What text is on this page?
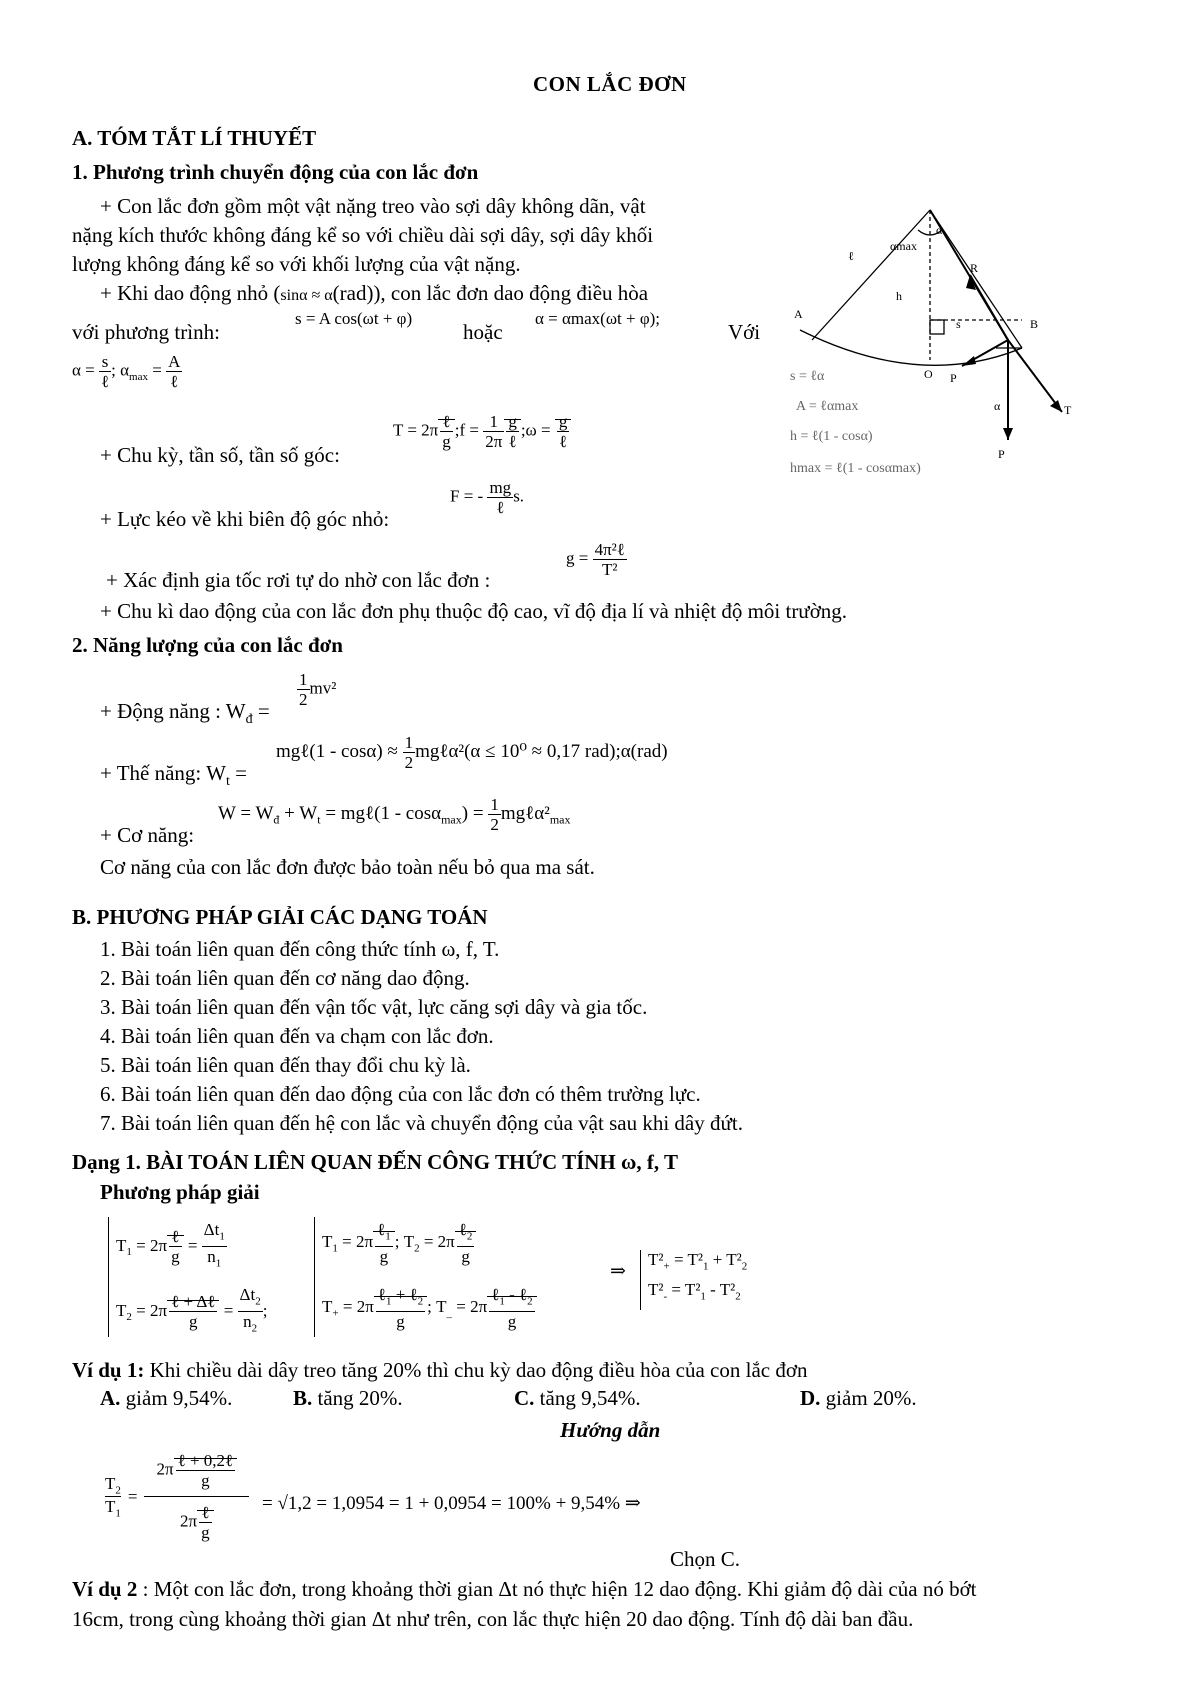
CON LẮC ĐƠN
A. TÓM TẮT LÍ THUYẾT
1. Phương trình chuyển động của con lắc đơn
+ Con lắc đơn gồm một vật nặng treo vào sợi dây không dãn, vật
nặng kích thước không đáng kể so với chiều dài sợi dây, sợi dây khối
lượng không đáng kể so với khối lượng của vật nặng.
+ Khi dao động nhỏ (sinα ≈ α(rad)), con lắc đơn dao động điều hòa
với phương trình:
s = A cos(ωt + φ)
hoặc
α = αmax(ωt + φ);
Với
$\alpha = \frac{s}{\text{ℓ}}$ ; $\alpha_{max} = \frac{A}{\text{ℓ}}$
+ Chu kỳ, tần số, tần số góc:
$T = 2\pi \frac{\text{ℓ}}{g}$ ;f = $\frac{1}{2\pi} \frac{g}{\text{ℓ}}$ ;ω = $\frac{g}{\text{ℓ}}$
+ Lực kéo về khi biên độ góc nhỏ:
F = - $\frac{mg}{\text{ℓ}} s$.
+ Xác định gia tốc rơi tự do nhờ con lắc đơn :
$g = \frac{\text{4π²ℓ}}{\text{T²}}$
+ Chu kì dao động của con lắc đơn phụ thuộc độ cao, vĩ độ địa lí và nhiệt độ môi trường.
2. Năng lượng của con lắc đơn
+ Động năng : $W_đ$ =
$\frac{1}{2} mv^2$
+ Thế năng: $W_t$ =
mgℓ(1 - $\cos\alpha) \approx \frac{1}{2}$ mgℓα²(α ≤ 10⁰ ≈ 0,17 rad);α(rad)
+ Cơ năng:
$W = W_đ + W_t$ = mgℓ(1 - $\cos\alpha_{max}) = \frac{1}{2}$ $mg\ell\alpha^2_{max}$
Cơ năng của con lắc đơn được bảo toàn nếu bỏ qua ma sát.
ℓ
αmax
α
R
A
B
s
O P
α	T
P
h
s = ℓα
A = ℓαmax
h = ℓ(1 - cosα)
hmax = ℓ(1 - cosαmax)
B. PHƯƠNG PHÁP GIẢI CÁC DẠNG TOÁN
1. Bài toán liên quan đến công thức tính ω, f, T.
2. Bài toán liên quan đến cơ năng dao động.
3. Bài toán liên quan đến vận tốc vật, lực căng sợi dây và gia tốc.
4. Bài toán liên quan đến va chạm con lắc đơn.
5. Bài toán liên quan đến thay đổi chu kỳ là.
6. Bài toán liên quan đến dao động của con lắc đơn có thêm trường lực.
7. Bài toán liên quan đến hệ con lắc và chuyển động của vật sau khi dây đứt.
Dạng 1. BÀI TOÁN LIÊN QUAN ĐẾN CÔNG THỨC TÍNH ω, f, T
Phương pháp giải
$T_1 = 2\pi \frac{\text{ℓ}}{g} = \frac{\Delta t_1}{n_1}$
$T_2 = 2\pi \frac{\text{ℓ + Δℓ}}{g} = \frac{\Delta t_2}{n_2}$ ;
$T_1 = 2\pi \frac{\ell_1}{g}$ ; $T_2 = 2\pi \frac{\ell_2}{g}$
$T_+ = 2\pi \frac{\ell_1 + \ell_2}{g}$ ; $T_{\_} = 2\pi \frac{\ell_1 - \ell_2}{g}$
⇒
$T^2_+ = T^2_1 + T^2_2$
$T^2_- = T^2_1 - T^2_2$
Ví dụ 1: Khi chiều dài dây treo tăng 20% thì chu kỳ dao động điều hòa của con lắc đơn
A. giảm 9,54%.	B. tăng 20%.	C. tăng 9,54%.	D. giảm 20%.
Hướng dẫn
$T_2$
$T_1$
	=	
$2\pi \frac{\text{ℓ + 0,2ℓ}}{g}$
$2\pi \frac{\text{ℓ}}{g}$	= √1,2 = 1,0954 = 1 + 0,0954 = 100% + 9,54% ⇒
Chọn C.
Ví dụ 2 : Một con lắc đơn, trong khoảng thời gian Δt nó thực hiện 12 dao động. Khi giảm độ dài của nó bớt
16cm, trong cùng khoảng thời gian Δt như trên, con lắc thực hiện 20 dao động. Tính độ dài ban đầu.
